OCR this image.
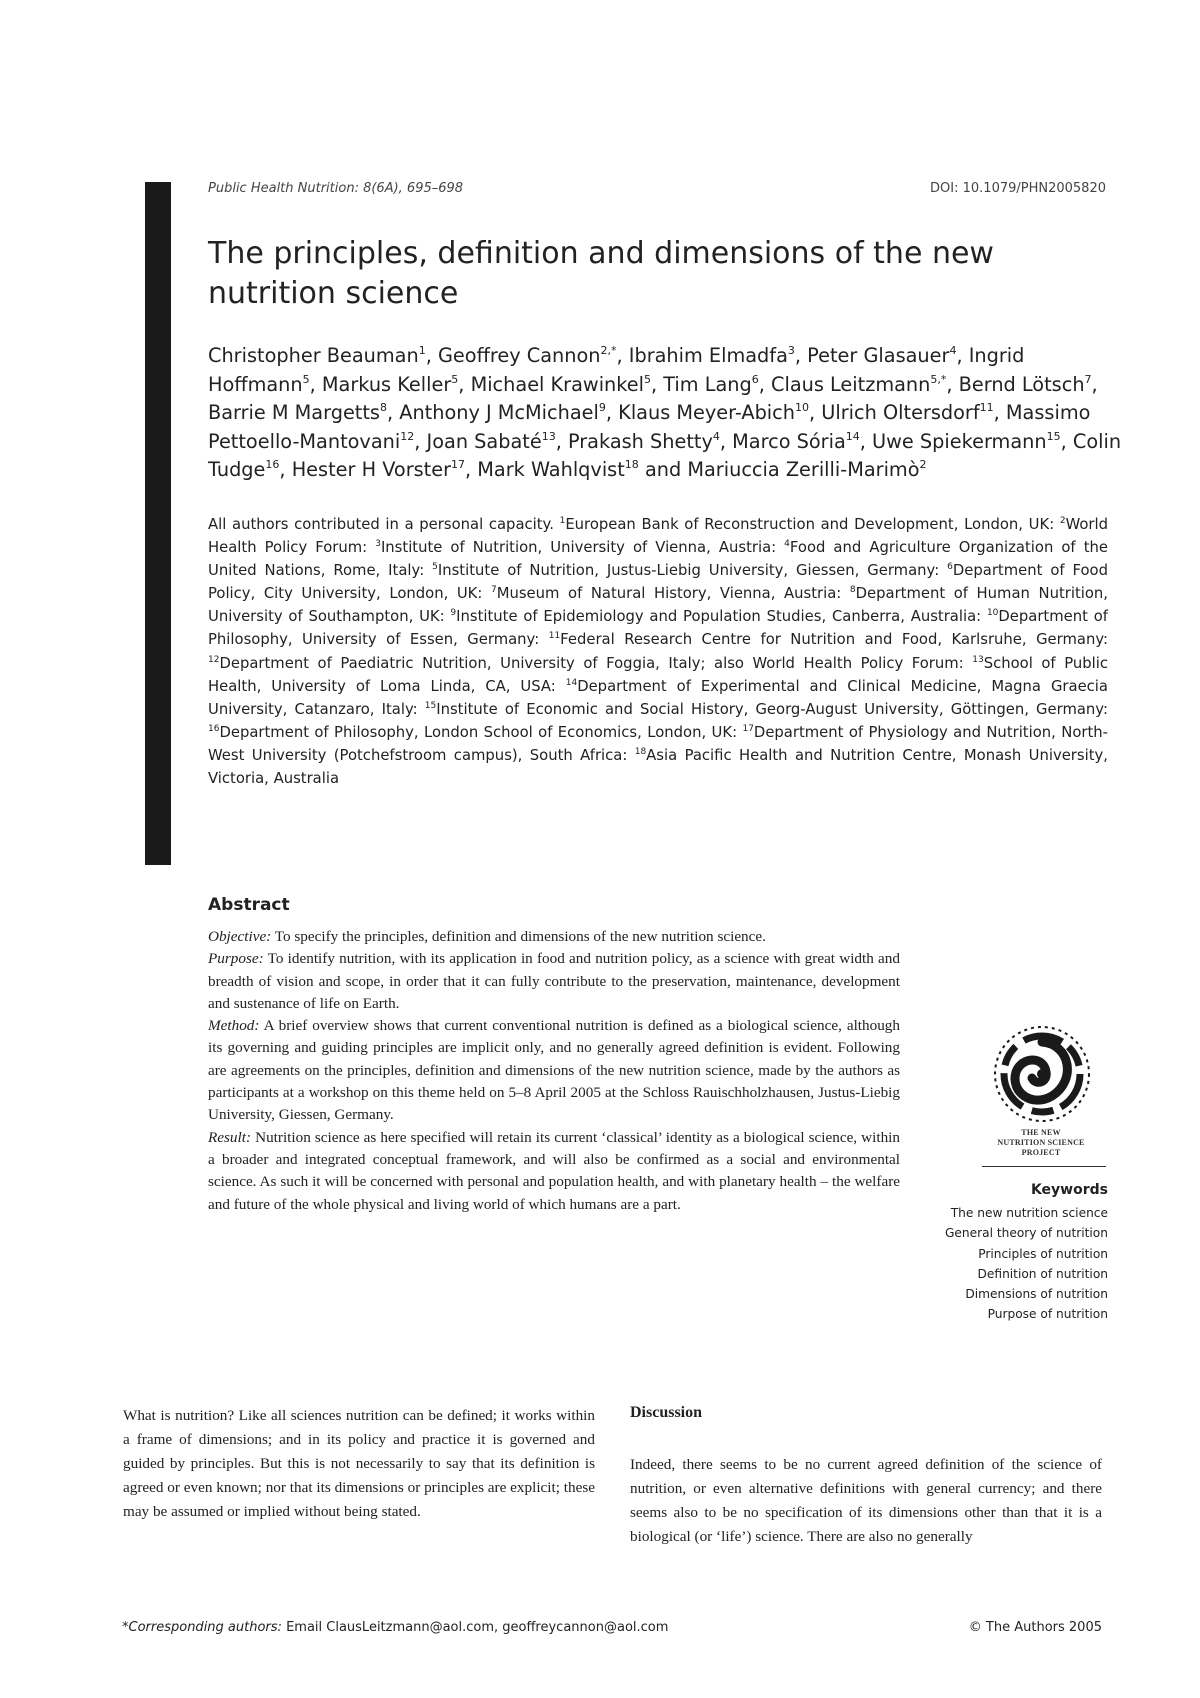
Public Health Nutrition: 8(6A), 695–698	DOI: 10.1079/PHN2005820
The principles, definition and dimensions of the new nutrition science
Christopher Beauman$^1$, Geoffrey Cannon$^{2,*}$, Ibrahim Elmadfa$^3$, Peter Glasauer$^4$, Ingrid Hoffmann$^5$, Markus Keller$^5$, Michael Krawinkel$^5$, Tim Lang$^6$, Claus Leitzmann$^{5,*}$, Bernd Lötsch$^7$, Barrie M Margetts$^8$, Anthony J McMichael$^9$, Klaus Meyer-Abich$^{10}$, Ulrich Oltersdorf$^{11}$, Massimo Pettoello-Mantovani$^{12}$, Joan Sabaté$^{13}$, Prakash Shetty$^4$, Marco Sória$^{14}$, Uwe Spiekermann$^{15}$, Colin Tudge$^{16}$, Hester H Vorster$^{17}$, Mark Wahlqvist$^{18}$ and Mariuccia Zerilli-Marimò$^2$
All authors contributed in a personal capacity. $^1$European Bank of Reconstruction and Development, London, UK: $^2$World Health Policy Forum: $^3$Institute of Nutrition, University of Vienna, Austria: $^4$Food and Agriculture Organization of the United Nations, Rome, Italy: $^5$Institute of Nutrition, Justus-Liebig University, Giessen, Germany: $^6$Department of Food Policy, City University, London, UK: $^7$Museum of Natural History, Vienna, Austria: $^8$Department of Human Nutrition, University of Southampton, UK: $^9$Institute of Epidemiology and Population Studies, Canberra, Australia: $^{10}$Department of Philosophy, University of Essen, Germany: $^{11}$Federal Research Centre for Nutrition and Food, Karlsruhe, Germany: $^{12}$Department of Paediatric Nutrition, University of Foggia, Italy; also World Health Policy Forum: $^{13}$School of Public Health, University of Loma Linda, CA, USA: $^{14}$Department of Experimental and Clinical Medicine, Magna Graecia University, Catanzaro, Italy: $^{15}$Institute of Economic and Social History, Georg-August University, Göttingen, Germany: $^{16}$Department of Philosophy, London School of Economics, London, UK: $^{17}$Department of Physiology and Nutrition, North-West University (Potchefstroom campus), South Africa: $^{18}$Asia Pacific Health and Nutrition Centre, Monash University, Victoria, Australia
Abstract

Objective: To specify the principles, definition and dimensions of the new nutrition science.

Purpose: To identify nutrition, with its application in food and nutrition policy, as a science with great width and breadth of vision and scope, in order that it can fully contribute to the preservation, maintenance, development and sustenance of life on Earth.

Method: A brief overview shows that current conventional nutrition is defined as a biological science, although its governing and guiding principles are implicit only, and no generally agreed definition is evident. Following are agreements on the principles, definition and dimensions of the new nutrition science, made by the authors as participants at a workshop on this theme held on 5–8 April 2005 at the Schloss Rauischholzhausen, Justus-Liebig University, Giessen, Germany.

Result: Nutrition science as here specified will retain its current ‘classical’ identity as a biological science, within a broader and integrated conceptual framework, and will also be confirmed as a social and environmental science. As such it will be concerned with personal and population health, and with planetary health – the welfare and future of the whole physical and living world of which humans are a part.

THE NEW
NUTRITION SCIENCE
PROJECT
Keywords
The new nutrition science
General theory of nutrition
Principles of nutrition
Definition of nutrition
Dimensions of nutrition
Purpose of nutrition

What is nutrition? Like all sciences nutrition can be defined; it works within a frame of dimensions; and in its policy and practice it is governed and guided by principles. But this is not necessarily to say that its definition is agreed or even known; nor that its dimensions or principles are explicit; these may be assumed or implied without being stated.

Discussion

Indeed, there seems to be no current agreed definition of the science of nutrition, or even alternative definitions with general currency; and there seems also to be no specification of its dimensions other than that it is a biological (or ‘life’) science. There are also no generally

*Corresponding authors: Email ClausLeitzmann@aol.com, geoffreycannon@aol.com	© The Authors 2005
